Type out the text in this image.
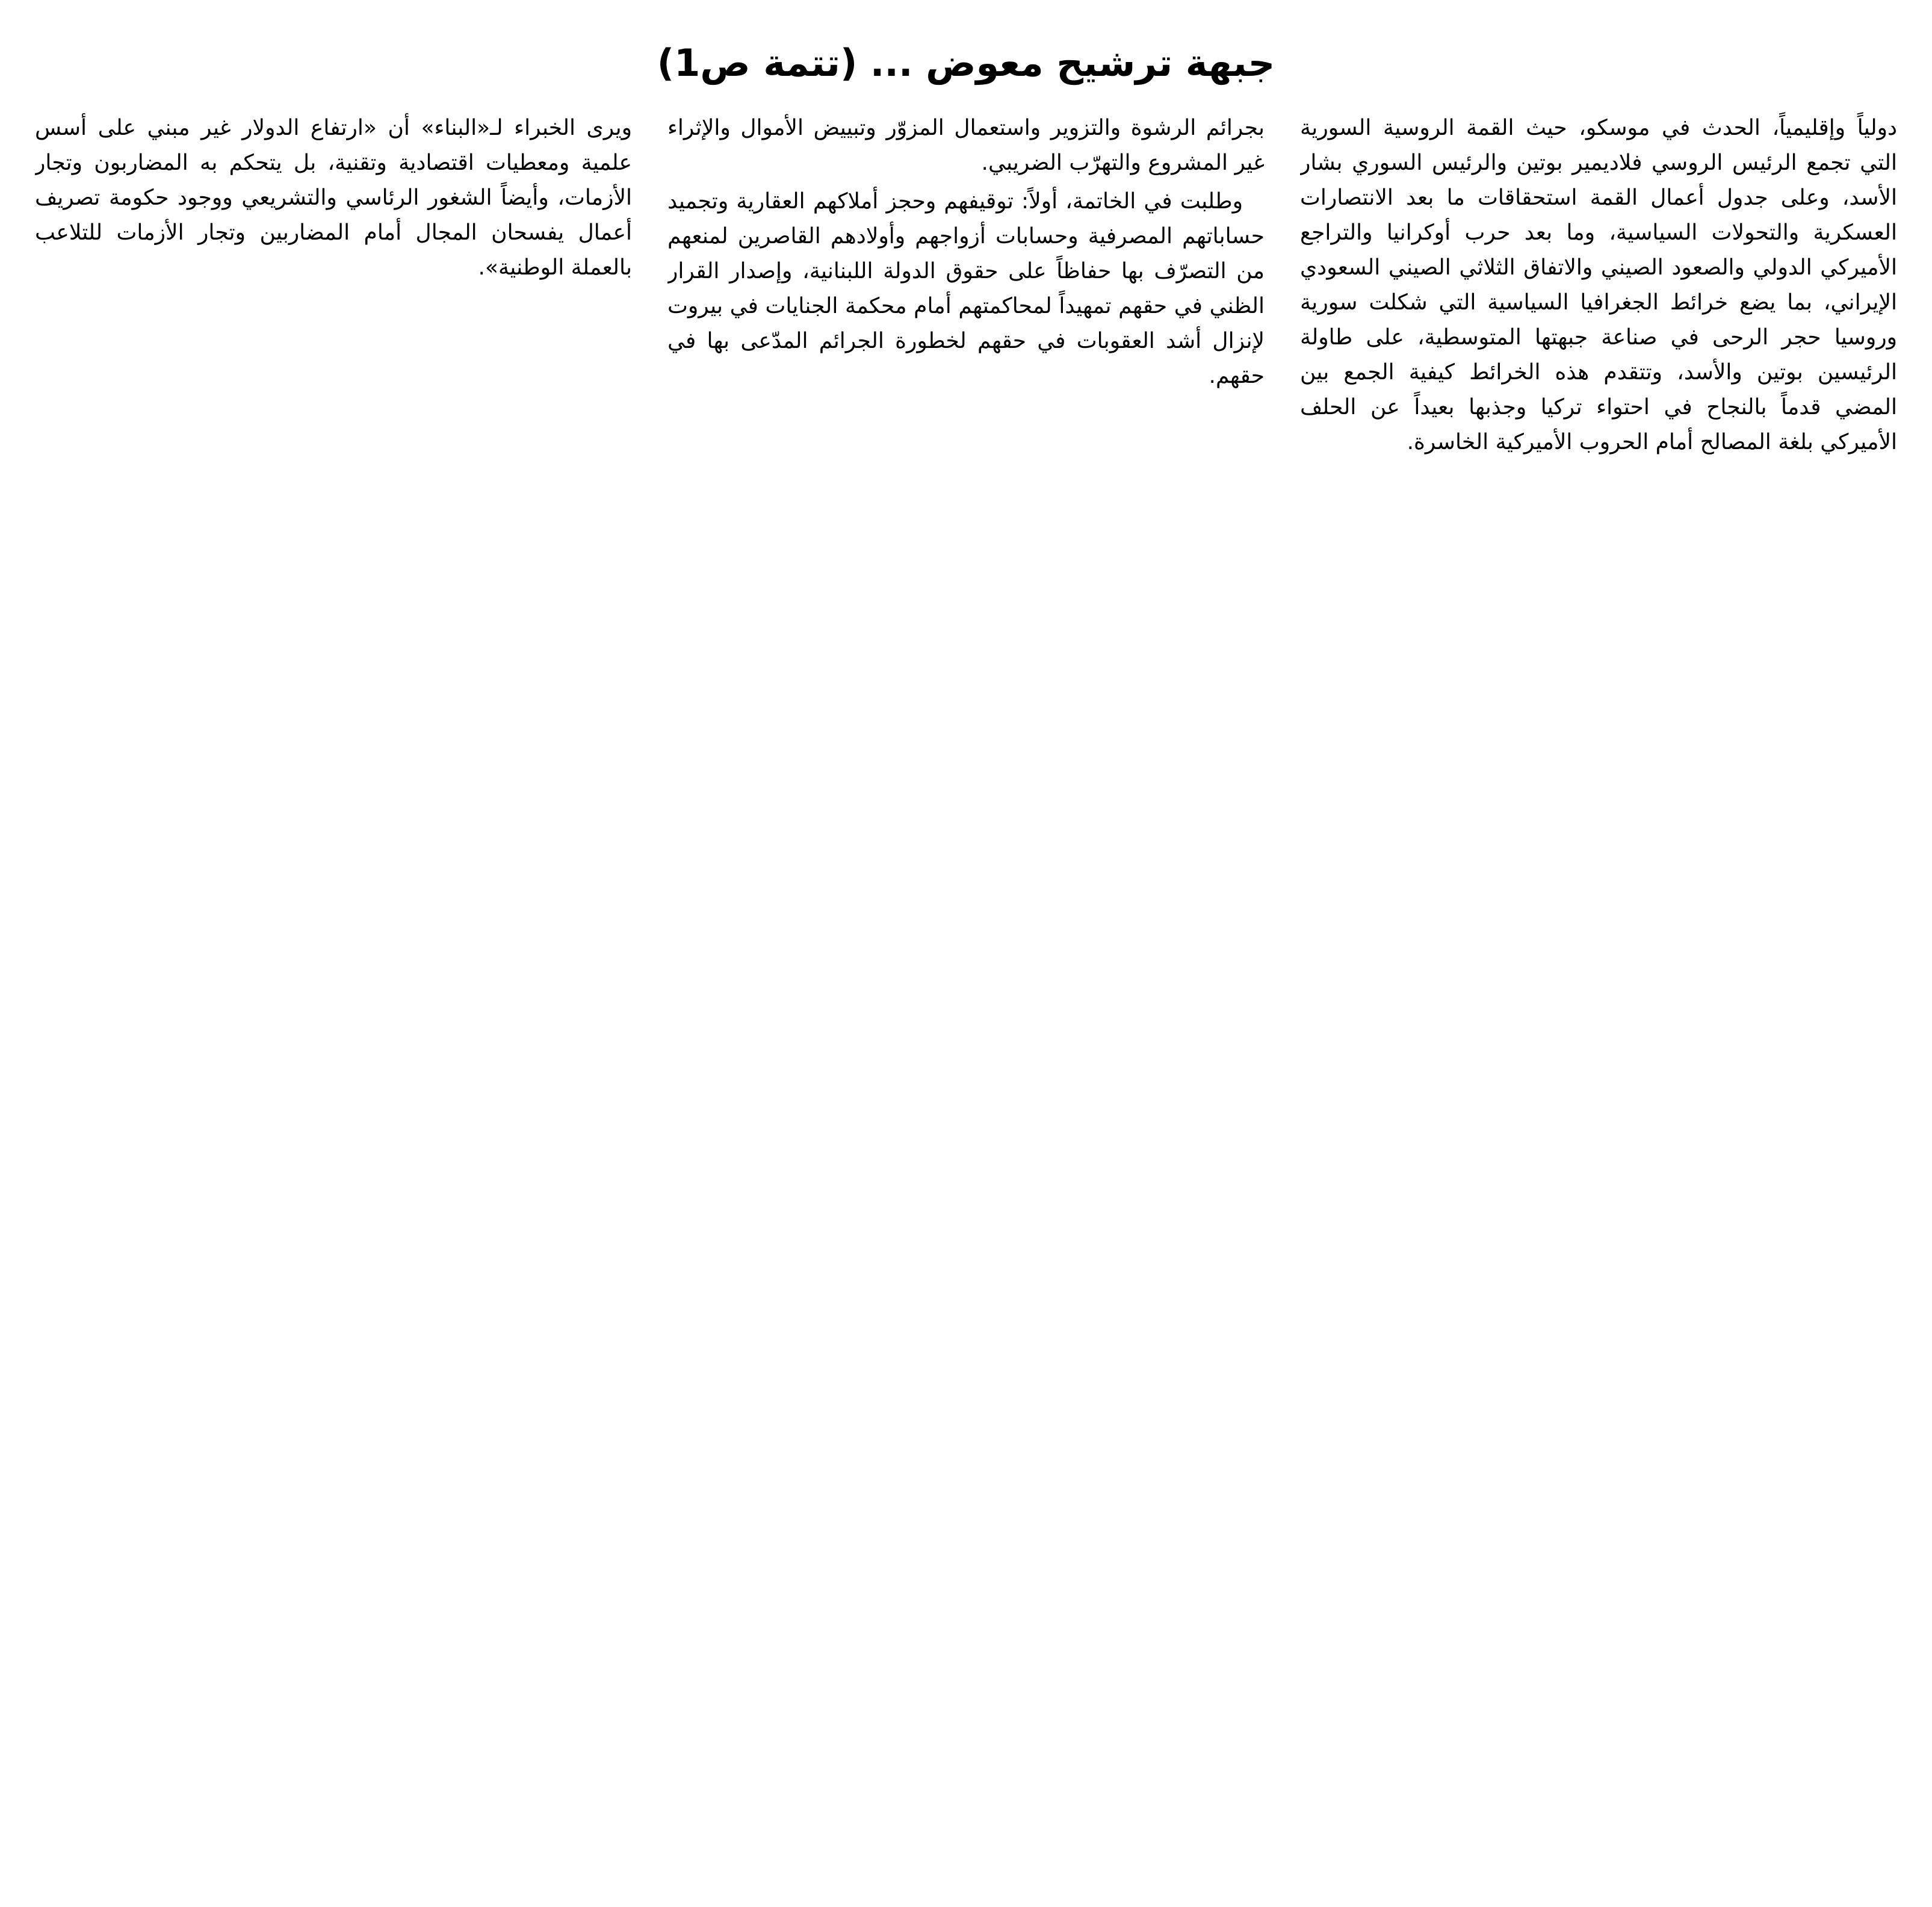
جبهة ترشيح معوض ... (تتمة ص1)

دولياً وإقليمياً، الحدث في موسكو، حيث القمة الروسية السورية التي تجمع الرئيس الروسي فلاديمير بوتين والرئيس السوري بشار الأسد، وعلى جدول أعمال القمة استحقاقات ما بعد الانتصارات العسكرية والتحولات السياسية، وما بعد حرب أوكرانيا والتراجع الأميركي الدولي والصعود الصيني والاتفاق الثلاثي الصيني السعودي الإيراني، بما يضع خرائط الجغرافيا السياسية التي شكلت سورية وروسيا حجر الرحى في صناعة جبهتها المتوسطية، على طاولة الرئيسين بوتين والأسد، وتتقدم هذه الخرائط كيفية الجمع بين المضي قدماً بالنجاح في احتواء تركيا وجذبها بعيداً عن الحلف الأميركي بلغة المصالح أمام الحروب الأميركية الخاسرة.

بجرائم الرشوة والتزوير واستعمال المزوّر وتبييض الأموال والإثراء غير المشروع والتهرّب الضريبي.

وطلبت في الخاتمة، أولاً: توقيفهم وحجز أملاكهم العقارية وتجميد حساباتهم المصرفية وحسابات أزواجهم وأولادهم القاصرين لمنعهم من التصرّف بها حفاظاً على حقوق الدولة اللبنانية، وإصدار القرار الظني في حقهم تمهيداً لمحاكمتهم أمام محكمة الجنايات في بيروت لإنزال أشد العقوبات في حقهم لخطورة الجرائم المدّعى بها في حقهم.

ويرى الخبراء لـ«البناء» أن «ارتفاع الدولار غير مبني على أسس علمية ومعطيات اقتصادية وتقنية، بل يتحكم به المضاربون وتجار الأزمات، وأيضاً الشغور الرئاسي والتشريعي ووجود حكومة تصريف أعمال يفسحان المجال أمام المضاربين وتجار الأزمات للتلاعب بالعملة الوطنية».
